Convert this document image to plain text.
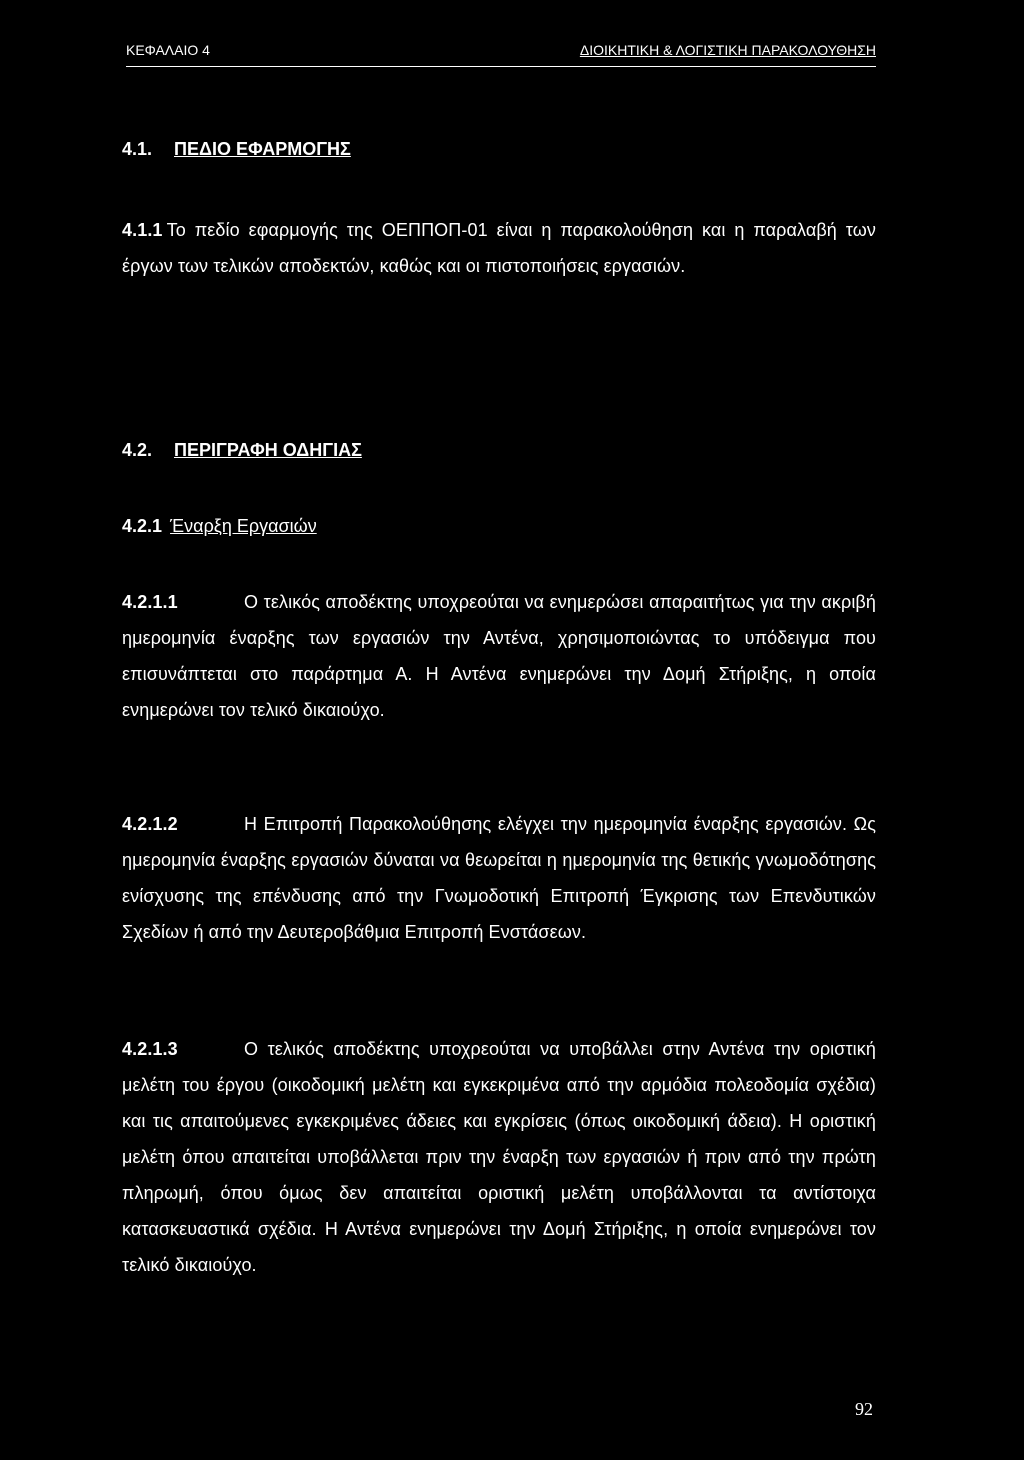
ΚΕΦΑΛΑΙΟ 4	ΔΙΟΙΚΗΤΙΚΗ & ΛΟΓΙΣΤΙΚΗ ΠΑΡΑΚΟΛΟΥΘΗΣΗ
4.1. ΠΕΔΙΟ ΕΦΑΡΜΟΓΗΣ
4.1.1 Το πεδίο εφαρμογής της ΟΕΠΠΟΠ-01 είναι η παρακολούθηση και η παραλαβή των έργων των τελικών αποδεκτών, καθώς και οι πιστοποιήσεις εργασιών.
4.2. ΠΕΡΙΓΡΑΦΗ ΟΔΗΓΙΑΣ
4.2.1 Έναρξη Εργασιών
4.2.1.1	Ο τελικός αποδέκτης υποχρεούται να ενημερώσει απαραιτήτως για την ακριβή ημερομηνία έναρξης των εργασιών την Αντένα, χρησιμοποιώντας το υπόδειγμα που επισυνάπτεται στο παράρτημα Α. Η Αντένα ενημερώνει την Δομή Στήριξης, η οποία ενημερώνει τον τελικό δικαιούχο.
4.2.1.2	Η Επιτροπή Παρακολούθησης ελέγχει την ημερομηνία έναρξης εργασιών. Ως ημερομηνία έναρξης εργασιών δύναται να θεωρείται η ημερομηνία της θετικής γνωμοδότησης ενίσχυσης της επένδυσης από την Γνωμοδοτική Επιτροπή Έγκρισης των Επενδυτικών Σχεδίων ή από την Δευτεροβάθμια Επιτροπή Ενστάσεων.
4.2.1.3	Ο τελικός αποδέκτης υποχρεούται να υποβάλλει στην Αντένα την οριστική μελέτη του έργου (οικοδομική μελέτη και εγκεκριμένα από την αρμόδια πολεοδομία σχέδια) και τις απαιτούμενες εγκεκριμένες άδειες και εγκρίσεις (όπως οικοδομική άδεια). Η οριστική μελέτη όπου απαιτείται υποβάλλεται πριν την έναρξη των εργασιών ή πριν από την πρώτη πληρωμή, όπου όμως δεν απαιτείται οριστική μελέτη υποβάλλονται τα αντίστοιχα κατασκευαστικά σχέδια. Η Αντένα ενημερώνει την Δομή Στήριξης, η οποία ενημερώνει τον τελικό δικαιούχο.
92
